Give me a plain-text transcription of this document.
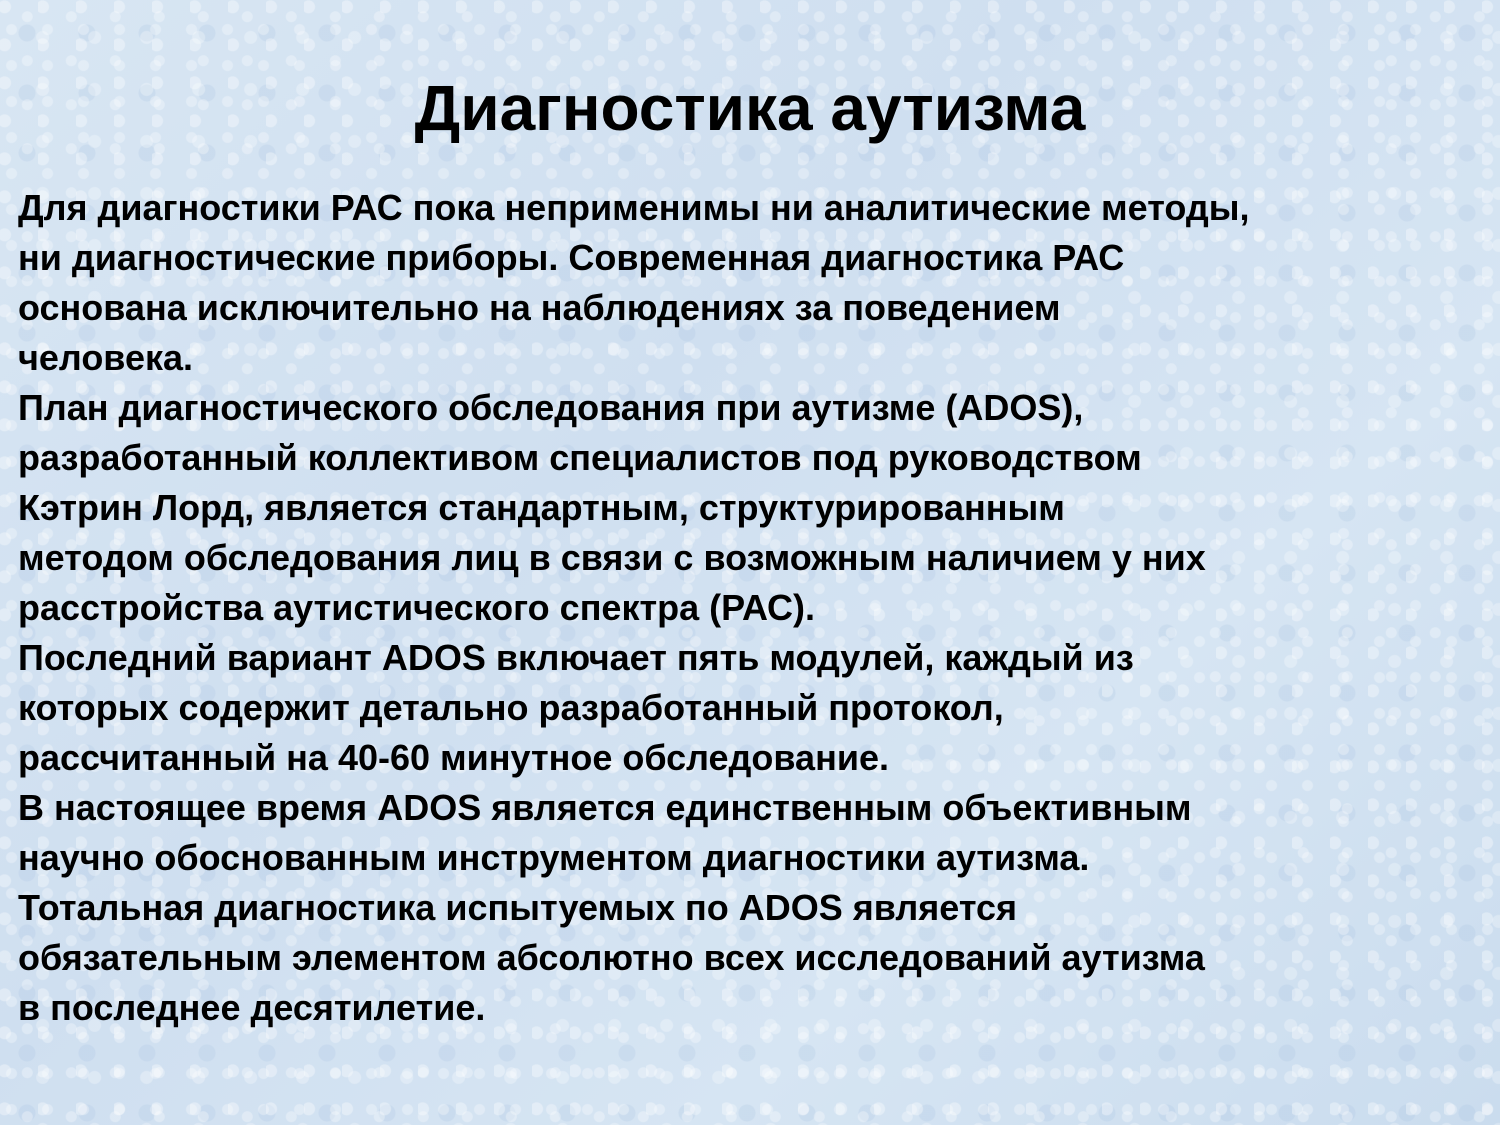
Диагностика аутизма
Для диагностики РАС пока неприменимы ни аналитические методы,
ни диагностические приборы. Современная диагностика РАС
основана исключительно на наблюдениях за поведением
человека.
План диагностического обследования при аутизме (ADOS),
разработанный коллективом специалистов под руководством
Кэтрин Лорд, является стандартным, структурированным
методом обследования лиц в связи с возможным наличием у них
расстройства аутистического спектра (РАС).
Последний вариант ADOS включает пять модулей, каждый из
которых содержит детально разработанный протокол,
рассчитанный на 40-60 минутное обследование.
В настоящее время ADOS является единственным объективным
научно обоснованным инструментом диагностики аутизма.
Тотальная диагностика испытуемых по ADOS является
обязательным элементом абсолютно всех исследований аутизма
в последнее десятилетие.
